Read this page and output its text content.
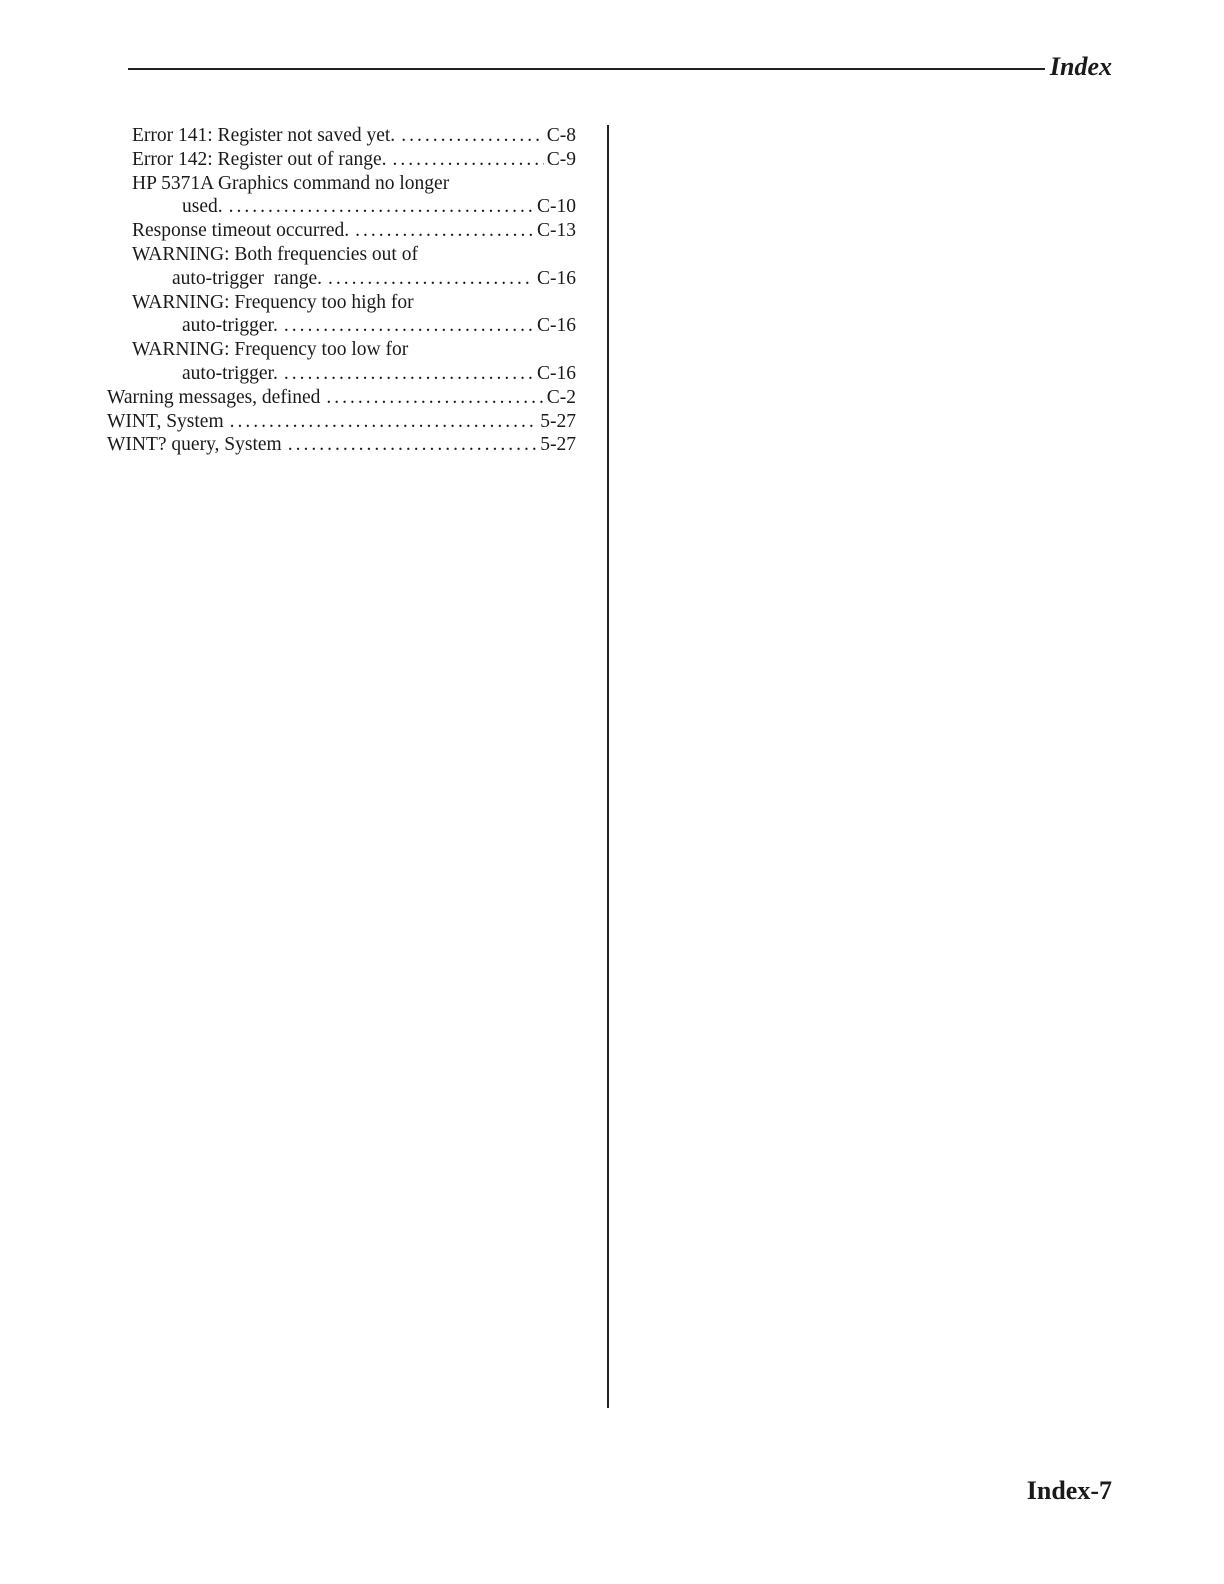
Index
Error 141: Register not saved yet. .....	C-8
Error 142: Register out of range. .....	C-9
HP 5371A Graphics command no longer
used. .....	C-10
Response timeout occurred. .....	C-13
WARNING: Both frequencies out of
auto-trigger  range. .....	C-16
WARNING: Frequency too high for
auto-trigger. .....	C-16
WARNING: Frequency too low for
auto-trigger. .....	C-16
Warning messages, defined .....	C-2
WINT, System .....	5-27
WINT? query, System .....	5-27
Index-7
